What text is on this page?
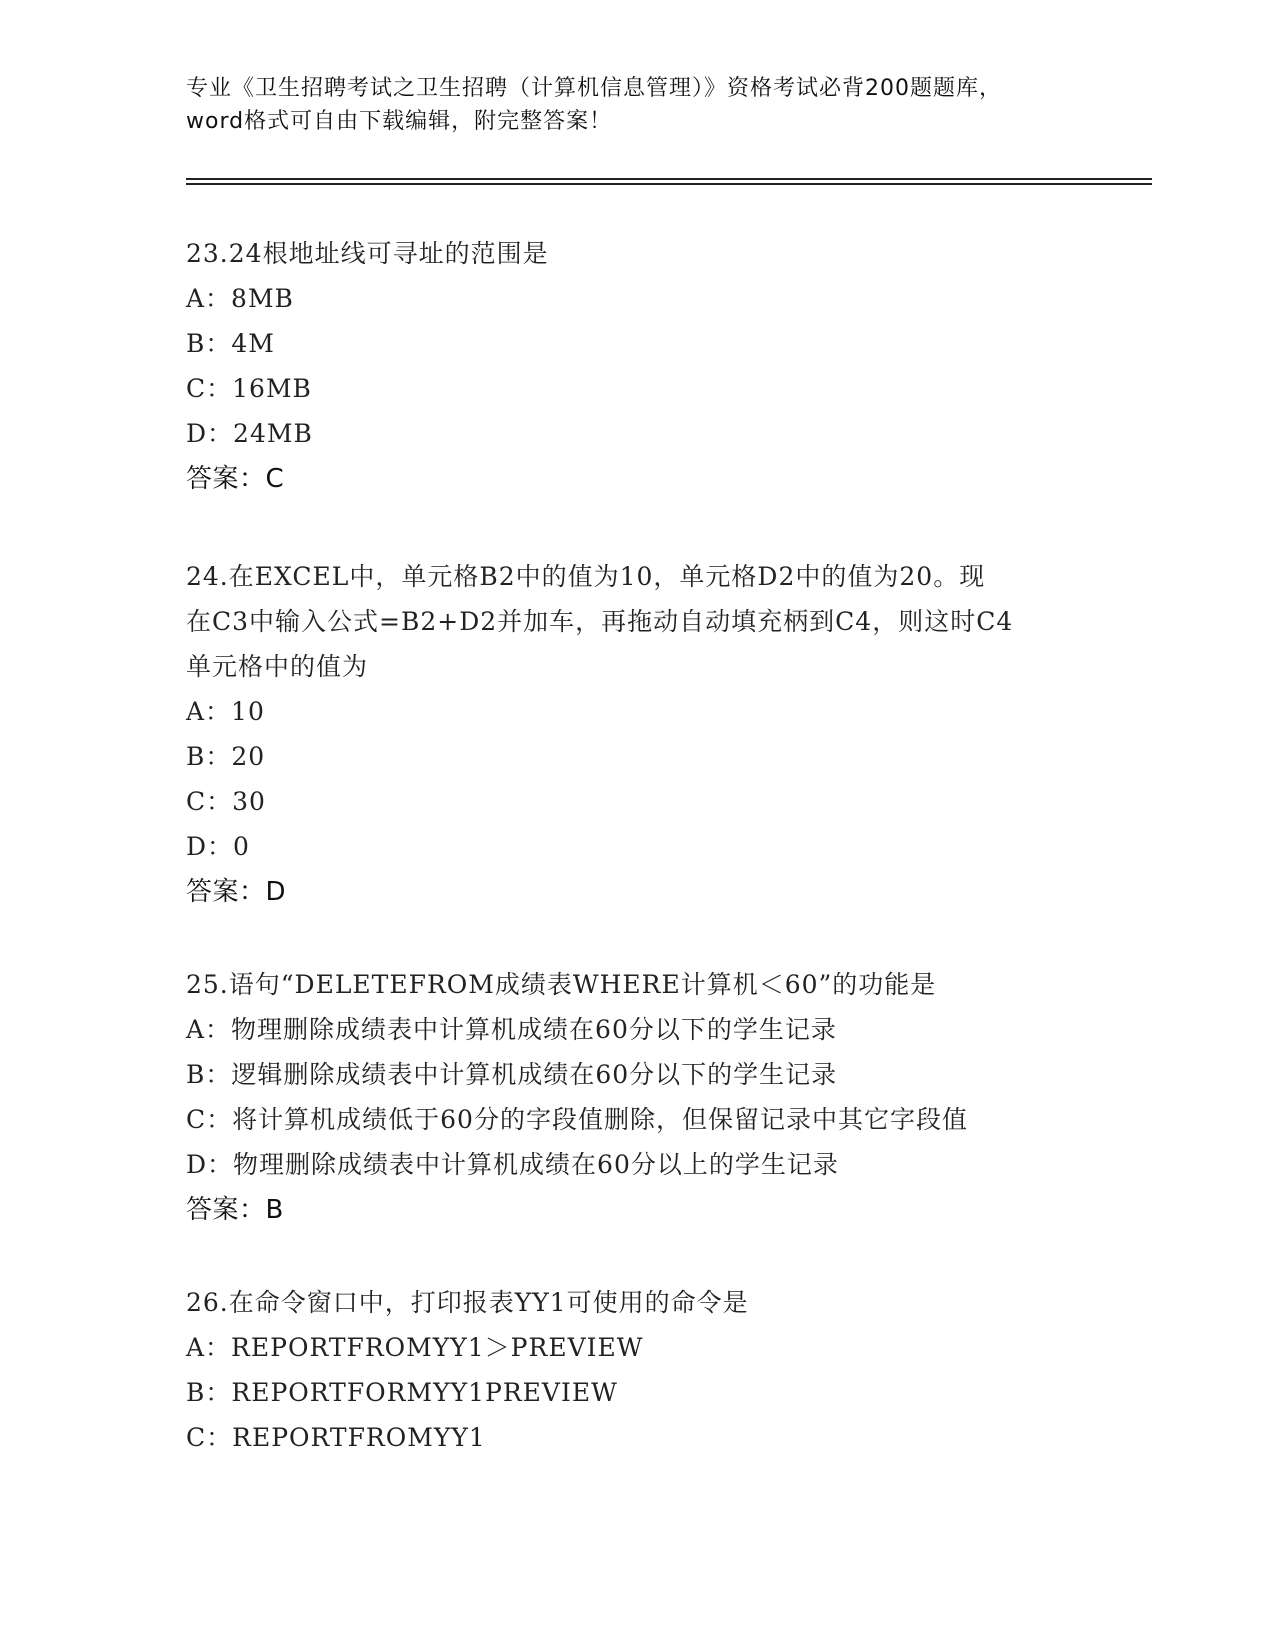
专业《卫生招聘考试之卫生招聘（计算机信息管理）》资格考试必背200题题库，
word格式可自由下载编辑，附完整答案！
23.24根地址线可寻址的范围是
A：8MB
B：4M
C：16MB
D：24MB
答案：C
24.在EXCEL中，单元格B2中的值为10，单元格D2中的值为20。现
在C3中输入公式=B2+D2并加车，再拖动自动填充柄到C4，则这时C4
单元格中的值为
A：10
B：20
C：30
D：0
答案：D
25.语句“DELETEFROM成绩表WHERE计算机＜60”的功能是
A：物理删除成绩表中计算机成绩在60分以下的学生记录
B：逻辑删除成绩表中计算机成绩在60分以下的学生记录
C：将计算机成绩低于60分的字段值删除，但保留记录中其它字段值
D：物理删除成绩表中计算机成绩在60分以上的学生记录
答案：B
26.在命令窗口中，打印报表YY1可使用的命令是
A：REPORTFROMYY1＞PREVIEW
B：REPORTFORMYY1PREVIEW
C：REPORTFROMYY1
